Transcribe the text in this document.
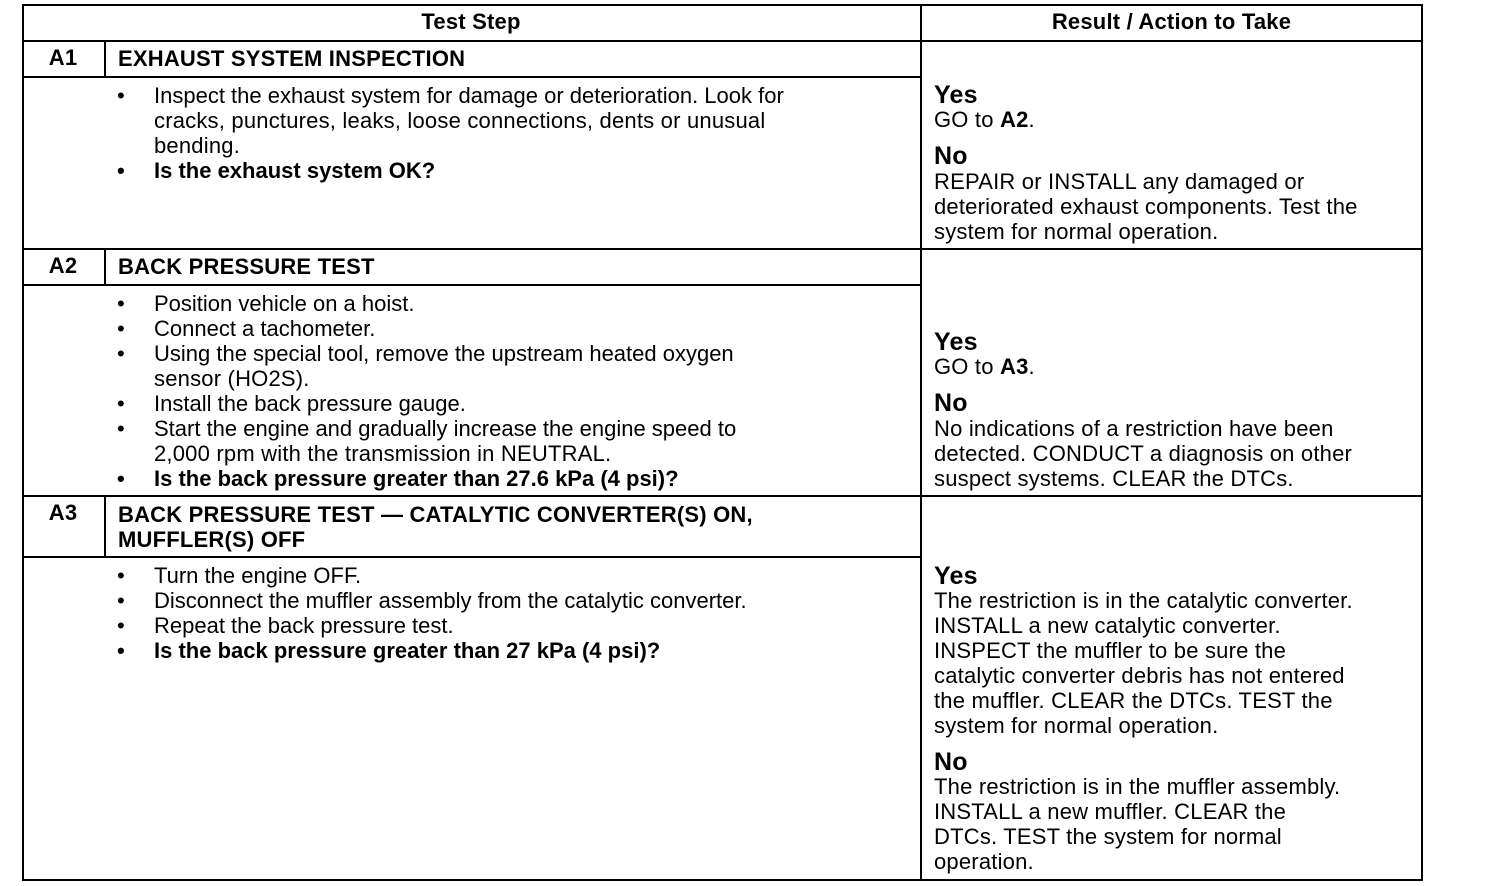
Test Step	Result / Action to Take
A1	EXHAUST SYSTEM INSPECTION
•	Inspect the exhaust system for damage or deterioration. Look for
cracks, punctures, leaks, loose connections, dents or unusual
bending.
•	Is the exhaust system OK?
Yes
GO to A2.
No
REPAIR or INSTALL any damaged or
deteriorated exhaust components. Test the
system for normal operation.
A2	BACK PRESSURE TEST
•	Position vehicle on a hoist.
•	Connect a tachometer.
•	Using the special tool, remove the upstream heated oxygen
sensor (HO2S).
•	Install the back pressure gauge.
•	Start the engine and gradually increase the engine speed to
2,000 rpm with the transmission in NEUTRAL.
•	Is the back pressure greater than 27.6 kPa (4 psi)?
Yes
GO to A3.
No
No indications of a restriction have been
detected. CONDUCT a diagnosis on other
suspect systems. CLEAR the DTCs.
A3	BACK PRESSURE TEST — CATALYTIC CONVERTER(S) ON,
MUFFLER(S) OFF
•	Turn the engine OFF.
•	Disconnect the muffler assembly from the catalytic converter.
•	Repeat the back pressure test.
•	Is the back pressure greater than 27 kPa (4 psi)?
Yes
The restriction is in the catalytic converter.
INSTALL a new catalytic converter.
INSPECT the muffler to be sure the
catalytic converter debris has not entered
the muffler. CLEAR the DTCs. TEST the
system for normal operation.
No
The restriction is in the muffler assembly.
INSTALL a new muffler. CLEAR the
DTCs. TEST the system for normal
operation.
